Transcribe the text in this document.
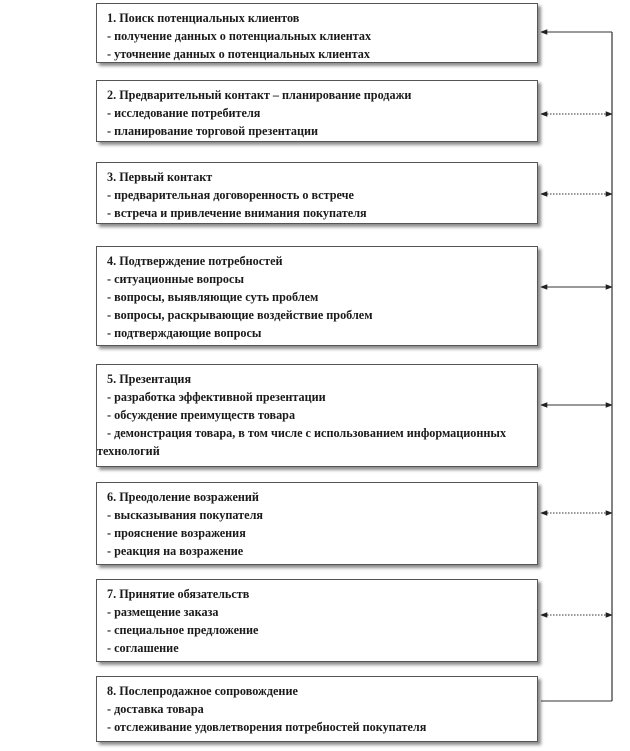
1. Поиск потенциальных клиентов
- получение данных о потенциальных клиентах
- уточнение данных о потенциальных клиентах
2. Предварительный контакт – планирование продажи
- исследование потребителя
- планирование торговой презентации
3. Первый контакт
- предварительная договоренность о встрече
- встреча и привлечение внимания покупателя
4. Подтверждение потребностей
- ситуационные вопросы
- вопросы, выявляющие суть проблем
- вопросы, раскрывающие воздействие проблем
- подтверждающие вопросы
5. Презентация
- разработка эффективной презентации
- обсуждение преимуществ товара
- демонстрация товара, в том числе с использованием информационных технологий
6. Преодоление возражений
- высказывания покупателя
- прояснение возражения
- реакция на возражение
7. Принятие обязательств
- размещение заказа
- специальное предложение
- соглашение
8. Послепродажное сопровождение
- доставка товара
- отслеживание удовлетворения потребностей покупателя
